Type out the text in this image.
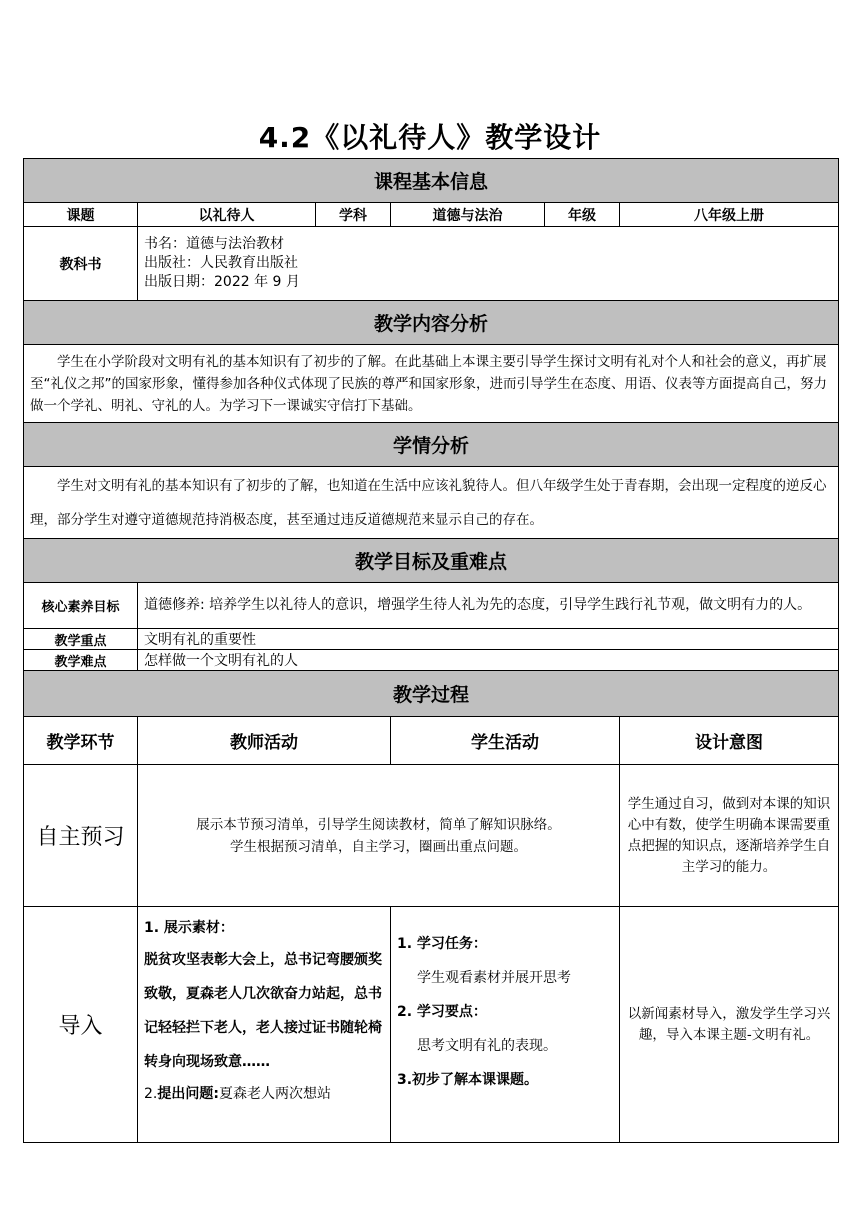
4.2《以礼待人》教学设计
课程基本信息					
课题	以礼待人	学科	道德与法治	年级	八年级上册
教科书	书名：道德与法治教材
出版社：人民教育出版社
出版日期：2022 年 9 月				

教学内容分析					
学生在小学阶段对文明有礼的基本知识有了初步的了解。在此基础上本课主要引导学生探讨文明有礼对个人和社会的意义，再扩展至“礼仪之邦”的国家形象，懂得参加各种仪式体现了民族的尊严和国家形象，进而引导学生在态度、用语、仪表等方面提高自己，努力做一个学礼、明礼、守礼的人。为学习下一课诚实守信打下基础。					
学情分析					
学生对文明有礼的基本知识有了初步的了解，也知道在生活中应该礼貌待人。但八年级学生处于青春期，会出现一定程度的逆反心理，部分学生对遵守道德规范持消极态度，甚至通过违反道德规范来显示自己的存在。					
教学目标及重难点					
核心素养目标	道德修养: 培养学生以礼待人的意识，增强学生待人礼为先的态度，引导学生践行礼节观，做文明有力的人。				
教学重点	文明有礼的重要性				
教学难点	怎样做一个文明有礼的人				
教学过程					
教学环节	教师活动		学生活动		设计意图
自主预习	展示本节预习清单，引导学生阅读教材，简单了解知识脉络。
学生根据预习清单，自主学习，圈画出重点问题。				学生通过自习，做到对本课的知识心中有数，使学生明确本课需要重点把握的知识点，逐渐培养学生自主学习的能力。
导入	1. 展示素材：
脱贫攻坚表彰大会上，总书记弯腰颁奖致敬，夏森老人几次欲奋力站起，总书记轻轻拦下老人，老人接过证书随轮椅转身向现场致意……
2.提出问题:夏森老人两次想站		1. 学习任务：
学生观看素材并展开思考
2. 学习要点：
思考文明有礼的表现。
3.初步了解本课课题。		以新闻素材导入，激发学生学习兴趣，导入本课主题-文明有礼。
